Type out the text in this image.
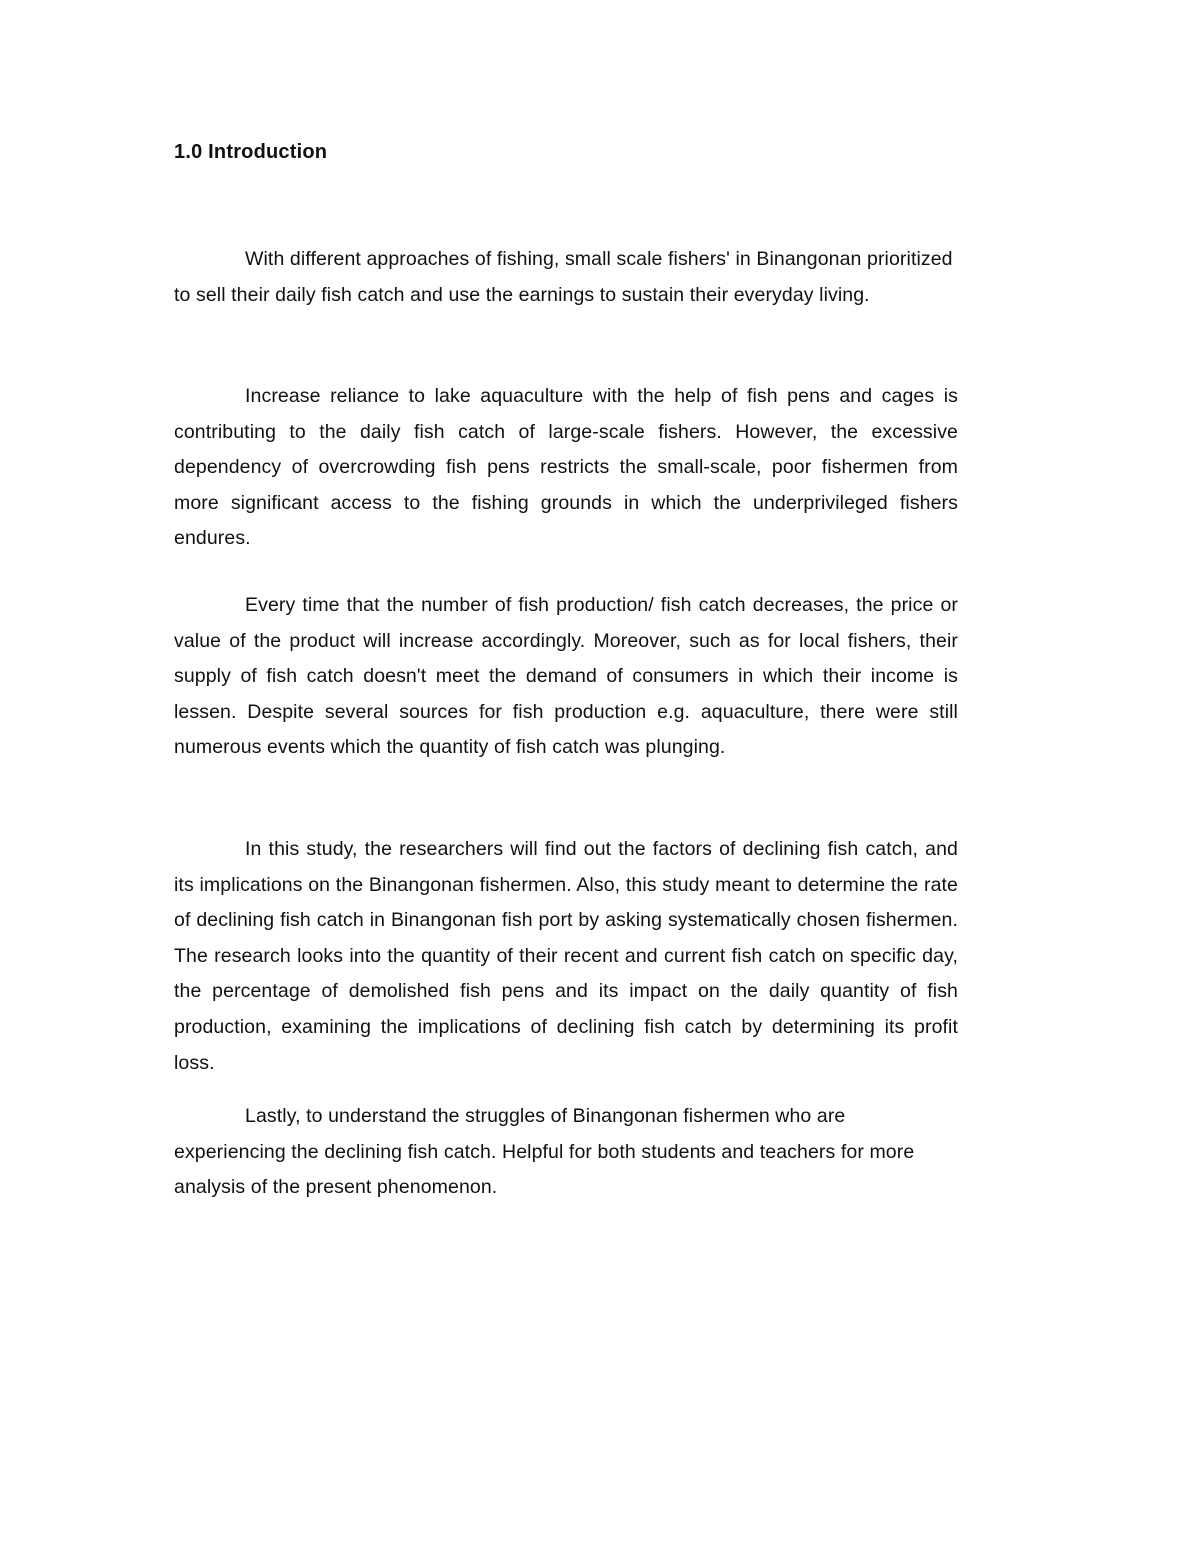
1.0 Introduction

With different approaches of fishing, small scale fishers' in Binangonan prioritized to sell their daily fish catch and use the earnings to sustain their everyday living.

Increase reliance to lake aquaculture with the help of fish pens and cages is contributing to the daily fish catch of large-scale fishers. However, the excessive dependency of overcrowding fish pens restricts the small-scale, poor fishermen from more significant access to the fishing grounds in which the underprivileged fishers endures.

Every time that the number of fish production/ fish catch decreases, the price or value of the product will increase accordingly. Moreover, such as for local fishers, their supply of fish catch doesn't meet the demand of consumers in which their income is lessen. Despite several sources for fish production e.g. aquaculture, there were still numerous events which the quantity of fish catch was plunging.

In this study, the researchers will find out the factors of declining fish catch, and its implications on the Binangonan fishermen. Also, this study meant to determine the rate of declining fish catch in Binangonan fish port by asking systematically chosen fishermen. The research looks into the quantity of their recent and current fish catch on specific day, the percentage of demolished fish pens and its impact on the daily quantity of fish production, examining the implications of declining fish catch by determining its profit loss.

Lastly, to understand the struggles of Binangonan fishermen who are experiencing the declining fish catch. Helpful for both students and teachers for more analysis of the present phenomenon.
